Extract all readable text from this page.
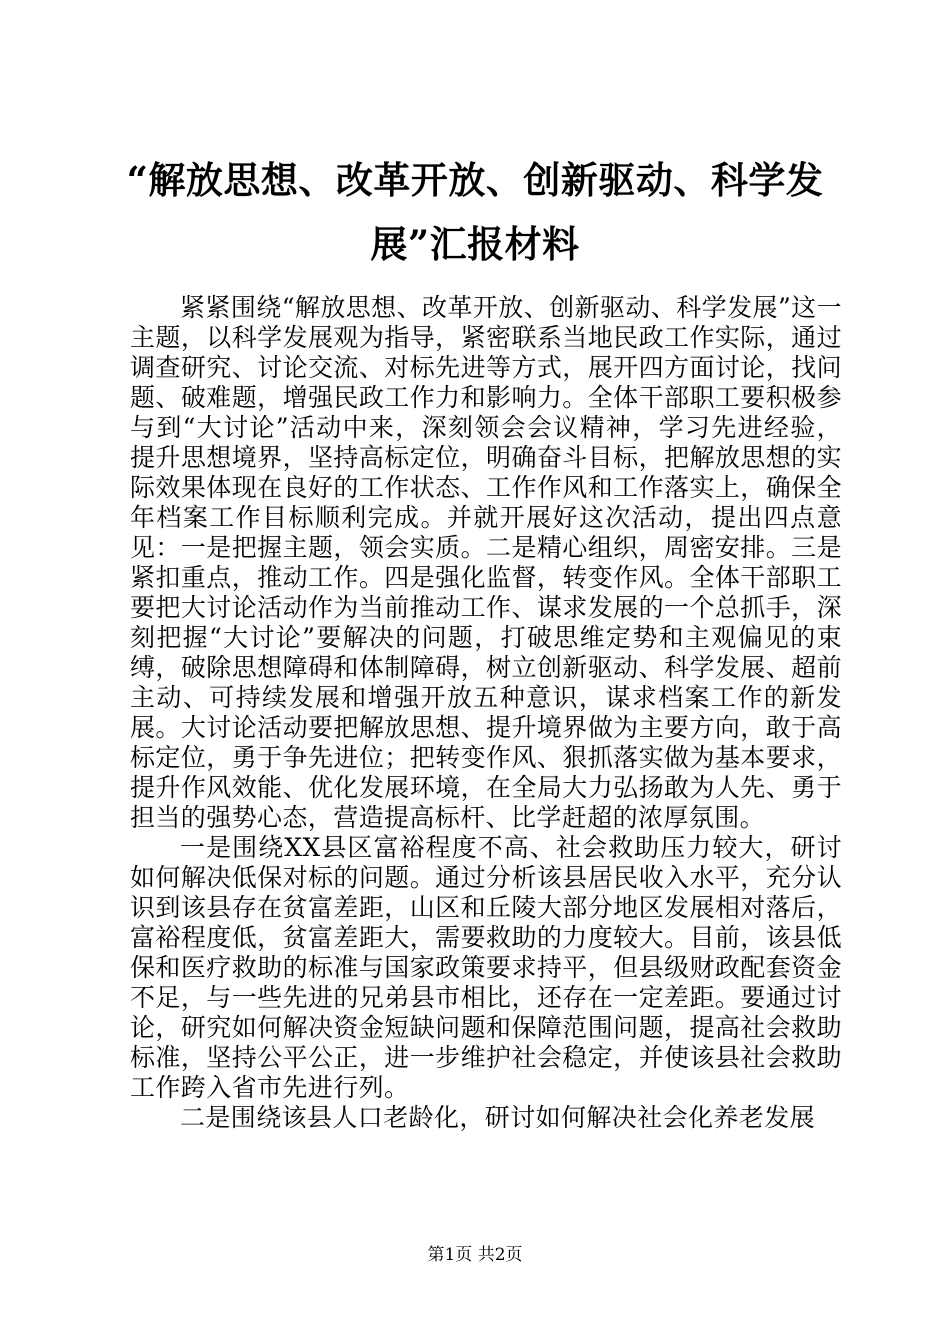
“解放思想、改革开放、创新驱动、科学发
展”汇报材料

紧紧围绕“解放思想、改革开放、创新驱动、科学发展”这一主题，以科学发展观为指导，紧密联系当地民政工作实际，通过调查研究、讨论交流、对标先进等方式，展开四方面讨论，找问题、破难题，增强民政工作力和影响力。全体干部职工要积极参与到“大讨论”活动中来，深刻领会会议精神，学习先进经验，提升思想境界，坚持高标定位，明确奋斗目标，把解放思想的实际效果体现在良好的工作状态、工作作风和工作落实上，确保全年档案工作目标顺利完成。并就开展好这次活动，提出四点意见：一是把握主题，领会实质。二是精心组织，周密安排。三是紧扣重点，推动工作。四是强化监督，转变作风。全体干部职工要把大讨论活动作为当前推动工作、谋求发展的一个总抓手，深刻把握“大讨论”要解决的问题，打破思维定势和主观偏见的束缚，破除思想障碍和体制障碍，树立创新驱动、科学发展、超前主动、可持续发展和增强开放五种意识，谋求档案工作的新发展。大讨论活动要把解放思想、提升境界做为主要方向，敢于高标定位，勇于争先进位；把转变作风、狠抓落实做为基本要求，提升作风效能、优化发展环境，在全局大力弘扬敢为人先、勇于担当的强势心态，营造提高标杆、比学赶超的浓厚氛围。

一是围绕XX县区富裕程度不高、社会救助压力较大，研讨如何解决低保对标的问题。通过分析该县居民收入水平，充分认识到该县存在贫富差距，山区和丘陵大部分地区发展相对落后，富裕程度低，贫富差距大，需要救助的力度较大。目前，该县低保和医疗救助的标准与国家政策要求持平，但县级财政配套资金不足，与一些先进的兄弟县市相比，还存在一定差距。要通过讨论，研究如何解决资金短缺问题和保障范围问题，提高社会救助标准，坚持公平公正，进一步维护社会稳定，并使该县社会救助工作跨入省市先进行列。

二是围绕该县人口老龄化，研讨如何解决社会化养老发展

第1页 共2页
